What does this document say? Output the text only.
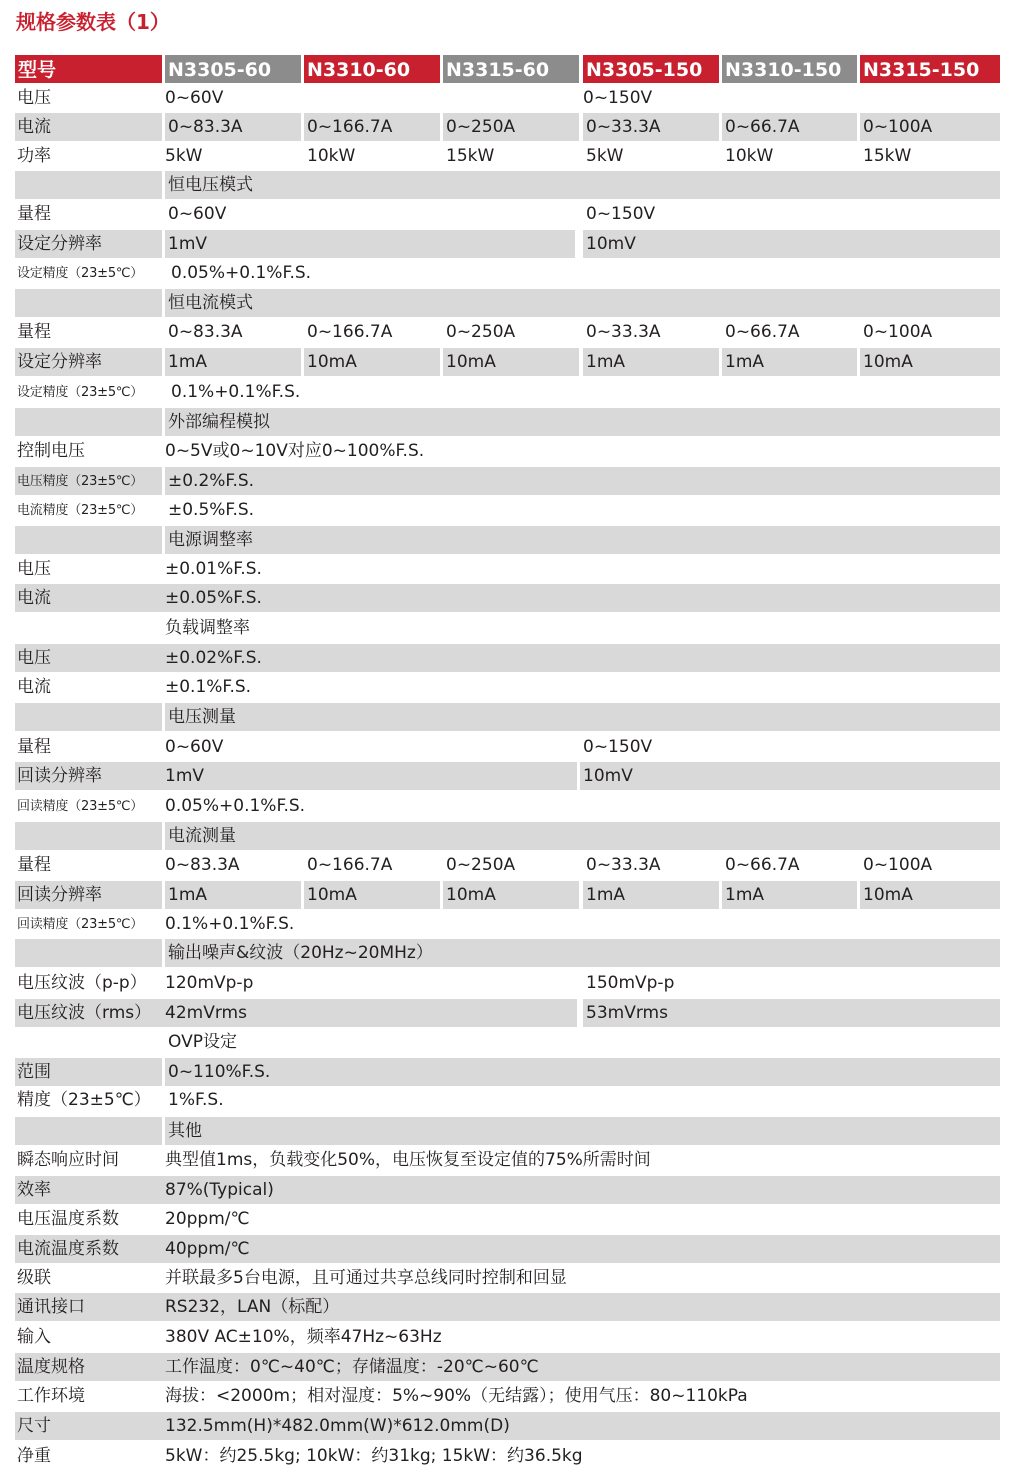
规格参数表（1）
型号	N3305-60	N3310-60	N3315-60	N3305-150	N3310-150	N3315-150
电压	0~60V	0~150V
电流	0~83.3A	0~166.7A	0~250A	0~33.3A	0~66.7A	0~100A
功率	5kW	10kW	15kW	5kW	10kW	15kW
恒电压模式
量程	0~60V	0~150V
设定分辨率	1mV	10mV
设定精度（23±5℃）	0.05%+0.1%F.S.
恒电流模式
量程	0~83.3A	0~166.7A	0~250A	0~33.3A	0~66.7A	0~100A
设定分辨率	1mA	10mA	10mA	1mA	1mA	10mA
设定精度（23±5℃）	0.1%+0.1%F.S.
外部编程模拟
控制电压	0~5V或0~10V对应0~100%F.S.
电压精度（23±5℃）	±0.2%F.S.
电流精度（23±5℃）	±0.5%F.S.
电源调整率
电压	±0.01%F.S.
电流	±0.05%F.S.
负载调整率
电压	±0.02%F.S.
电流	±0.1%F.S.
电压测量
量程	0~60V	0~150V
回读分辨率	1mV	10mV
回读精度（23±5℃）	0.05%+0.1%F.S.
电流测量
量程	0~83.3A	0~166.7A	0~250A	0~33.3A	0~66.7A	0~100A
回读分辨率	1mA	10mA	10mA	1mA	1mA	10mA
回读精度（23±5℃）	0.1%+0.1%F.S.
输出噪声&纹波（20Hz~20MHz）
电压纹波（p-p）	120mVp-p	150mVp-p
电压纹波（rms） 42mVrms	53mVrms
OVP设定
范围	0~110%F.S.
精度（23±5℃）	1%F.S.
其他
瞬态响应时间	典型值1ms，负载变化50%，电压恢复至设定值的75%所需时间
效率	87%(Typical)
电压温度系数	20ppm/℃
电流温度系数	40ppm/℃
级联	并联最多5台电源，且可通过共享总线同时控制和回显
通讯接口	RS232，LAN（标配）
输入	380V AC±10%，频率47Hz~63Hz
温度规格	工作温度：0℃~40℃；存储温度：-20℃~60℃
工作环境	海拔：<2000m；相对湿度：5%~90%（无结露）；使用气压：80~110kPa
尺寸	132.5mm(H)*482.0mm(W)*612.0mm(D)
净重	5kW：约25.5kg; 10kW：约31kg; 15kW：约36.5kg
